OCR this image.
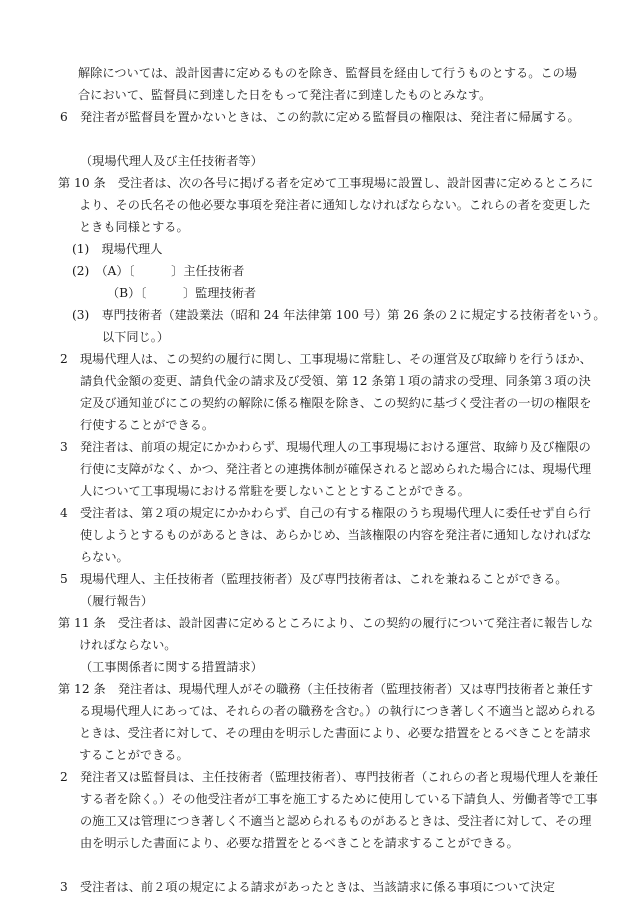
解除については、設計図書に定めるものを除き、監督員を経由して行うものとする。この場合において、監督員に到達した日をもって発注者に到達したものとみなす。

6　発注者が監督員を置かないときは、この約款に定める監督員の権限は、発注者に帰属する。

（現場代理人及び主任技術者等）

第 10 条　受注者は、次の各号に掲げる者を定めて工事現場に設置し、設計図書に定めるところにより、その氏名その他必要な事項を発注者に通知しなければならない。これらの者を変更したときも同様とする。

(1)　現場代理人

(2)　（A）〔　　　〕主任技術者

（B）〔　　　〕監理技術者

(3)　専門技術者（建設業法（昭和 24 年法律第 100 号）第 26 条の２に規定する技術者をいう。以下同じ。）

2　現場代理人は、この契約の履行に関し、工事現場に常駐し、その運営及び取締りを行うほか、請負代金額の変更、請負代金の請求及び受領、第 12 条第１項の請求の受理、同条第３項の決定及び通知並びにこの契約の解除に係る権限を除き、この契約に基づく受注者の一切の権限を行使することができる。

3　発注者は、前項の規定にかかわらず、現場代理人の工事現場における運営、取締り及び権限の行使に支障がなく、かつ、発注者との連携体制が確保されると認められた場合には、現場代理人について工事現場における常駐を要しないこととすることができる。

4　受注者は、第２項の規定にかかわらず、自己の有する権限のうち現場代理人に委任せず自ら行使しようとするものがあるときは、あらかじめ、当該権限の内容を発注者に通知しなければならない。

5　現場代理人、主任技術者（監理技術者）及び専門技術者は、これを兼ねることができる。

（履行報告）

第 11 条　受注者は、設計図書に定めるところにより、この契約の履行について発注者に報告しなければならない。

（工事関係者に関する措置請求）

第 12 条　発注者は、現場代理人がその職務（主任技術者（監理技術者）又は専門技術者と兼任する現場代理人にあっては、それらの者の職務を含む。）の執行につき著しく不適当と認められるときは、受注者に対して、その理由を明示した書面により、必要な措置をとるべきことを請求することができる。

2　発注者又は監督員は、主任技術者（監理技術者）、専門技術者（これらの者と現場代理人を兼任する者を除く。）その他受注者が工事を施工するために使用している下請負人、労働者等で工事の施工又は管理につき著しく不適当と認められるものがあるときは、受注者に対して、その理由を明示した書面により、必要な措置をとるべきことを請求することができる。

3　受注者は、前２項の規定による請求があったときは、当該請求に係る事項について決定
